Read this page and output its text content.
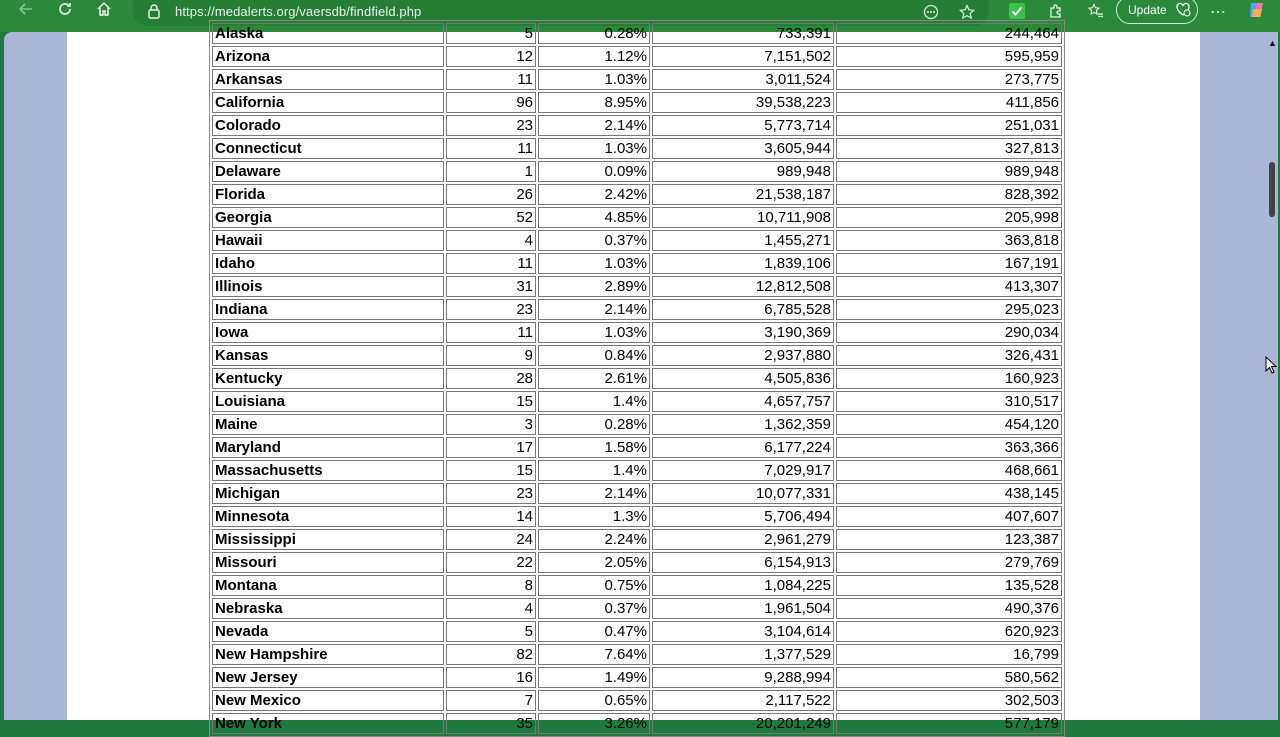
https://medalerts.org/vaersdb/findfield.php	Update	⋯
Alaska	5	0.28%	733,391	244,464
Arizona	12	1.12%	7,151,502	595,959
Arkansas	11	1.03%	3,011,524	273,775
California	96	8.95%	39,538,223	411,856
Colorado	23	2.14%	5,773,714	251,031
Connecticut	11	1.03%	3,605,944	327,813
Delaware	1	0.09%	989,948	989,948
Florida	26	2.42%	21,538,187	828,392
Georgia	52	4.85%	10,711,908	205,998
Hawaii	4	0.37%	1,455,271	363,818
Idaho	11	1.03%	1,839,106	167,191
Illinois	31	2.89%	12,812,508	413,307
Indiana	23	2.14%	6,785,528	295,023
Iowa	11	1.03%	3,190,369	290,034
Kansas	9	0.84%	2,937,880	326,431
Kentucky	28	2.61%	4,505,836	160,923
Louisiana	15	1.4%	4,657,757	310,517
Maine	3	0.28%	1,362,359	454,120
Maryland	17	1.58%	6,177,224	363,366
Massachusetts	15	1.4%	7,029,917	468,661
Michigan	23	2.14%	10,077,331	438,145
Minnesota	14	1.3%	5,706,494	407,607
Mississippi	24	2.24%	2,961,279	123,387
Missouri	22	2.05%	6,154,913	279,769
Montana	8	0.75%	1,084,225	135,528
Nebraska	4	0.37%	1,961,504	490,376
Nevada	5	0.47%	3,104,614	620,923
New Hampshire	82	7.64%	1,377,529	16,799
New Jersey	16	1.49%	9,288,994	580,562
New Mexico	7	0.65%	2,117,522	302,503
New York	35	3.26%	20,201,249	577,179
▲
